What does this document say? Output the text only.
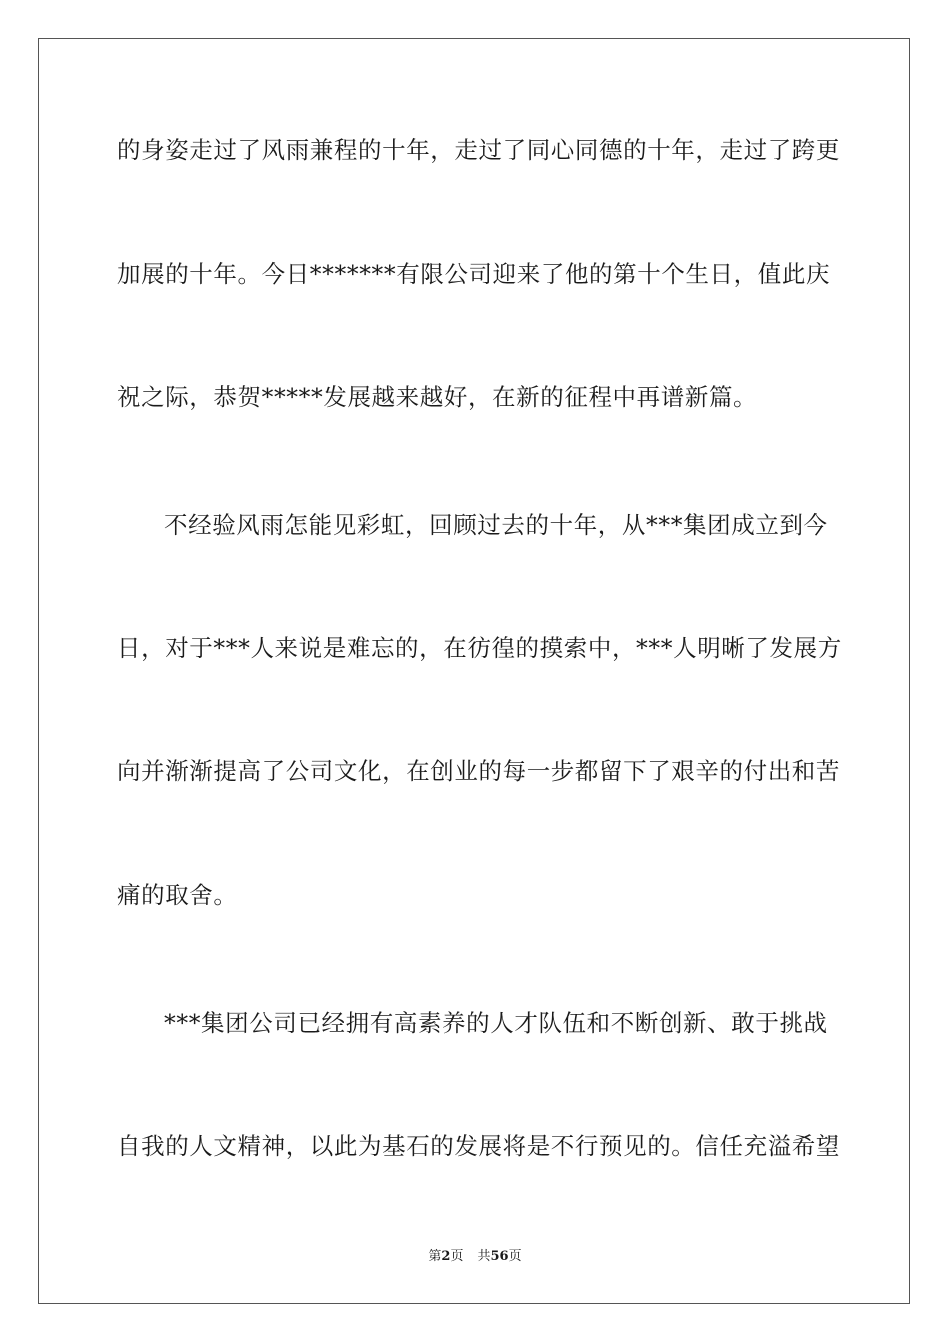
的身姿走过了风雨兼程的十年，走过了同心同德的十年，走过了跨更
加展的十年。今日*******有限公司迎来了他的第十个生日，值此庆
祝之际，恭贺*****发展越来越好，在新的征程中再谱新篇。
不经验风雨怎能见彩虹，回顾过去的十年，从***集团成立到今
日，对于***人来说是难忘的，在彷徨的摸索中，***人明晰了发展方
向并渐渐提高了公司文化，在创业的每一步都留下了艰辛的付出和苦
痛的取舍。
***集团公司已经拥有高素养的人才队伍和不断创新、敢于挑战
自我的人文精神，以此为基石的发展将是不行预见的。信任充溢希望
第2页 共56页
